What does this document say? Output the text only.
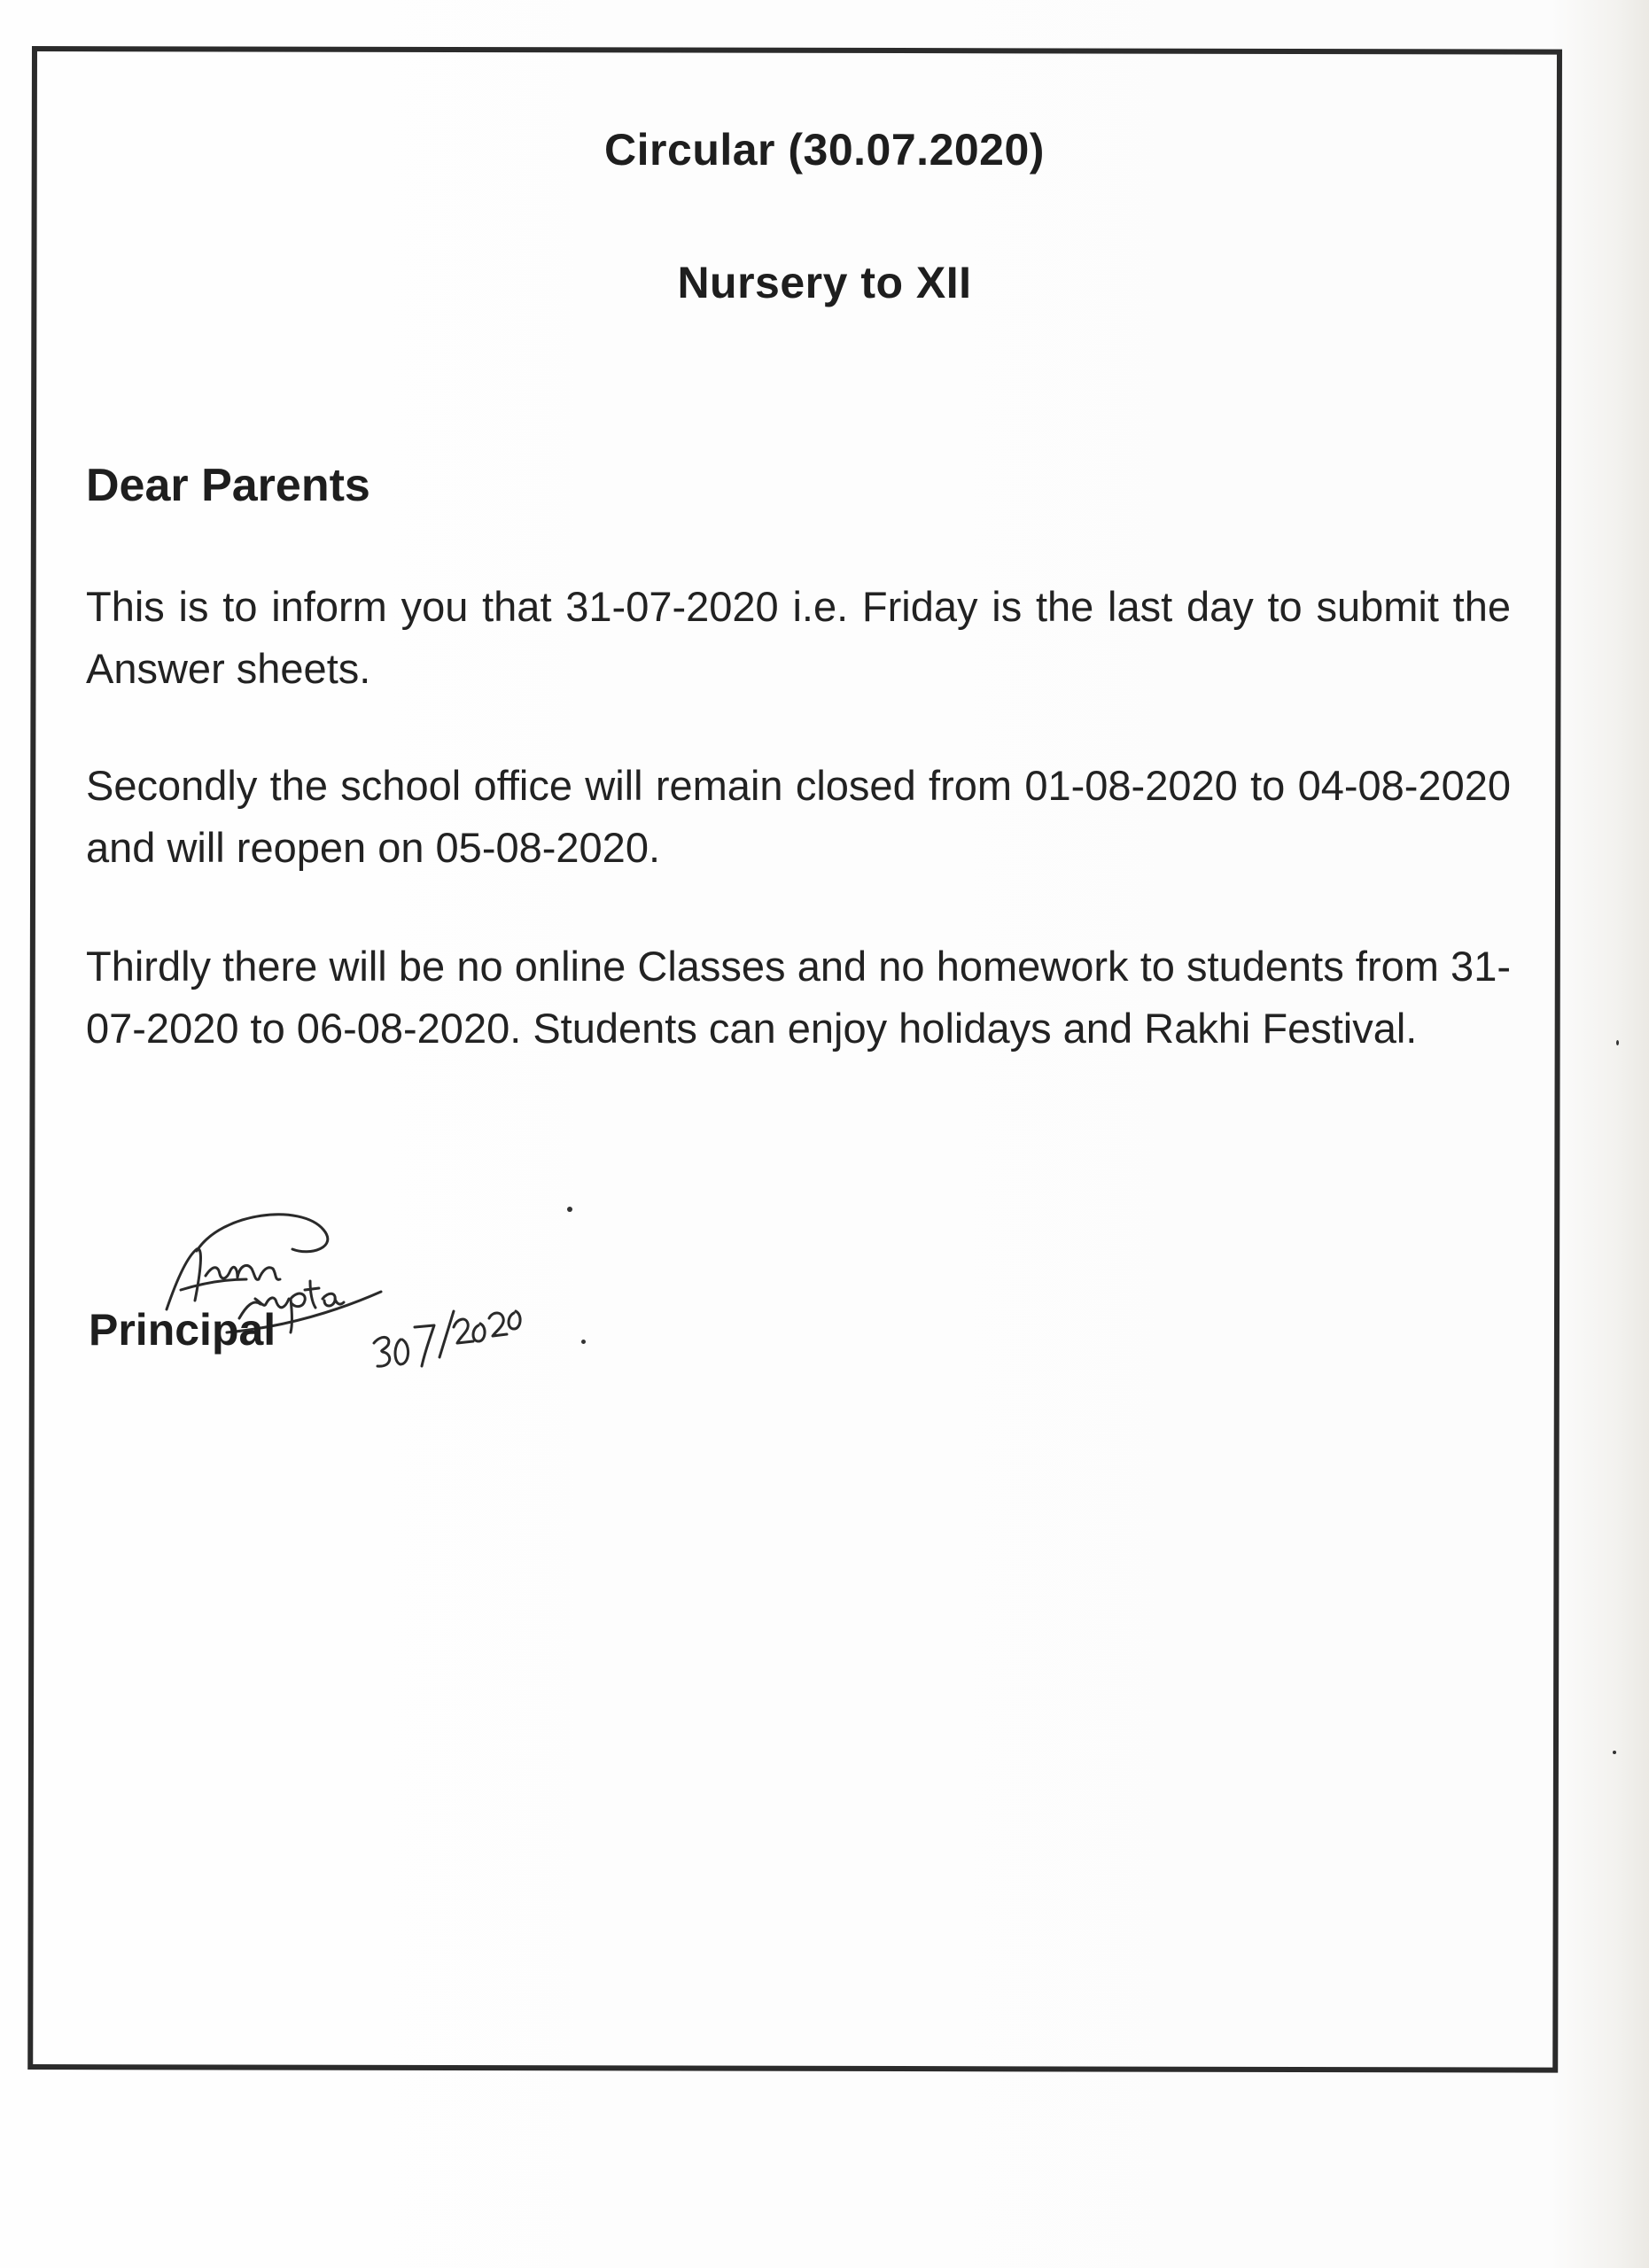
Circular (30.07.2020)
Nursery to XII
Dear Parents
This is to inform you that 31-07-2020 i.e. Friday is the last day to submit the Answer sheets.
Secondly the school office will remain closed from 01-08-2020 to 04-08-2020 and will reopen on 05-08-2020.
Thirdly there will be no online Classes and no homework to students from 31-07-2020 to 06-08-2020. Students can enjoy holidays and Rakhi Festival.
Principal
